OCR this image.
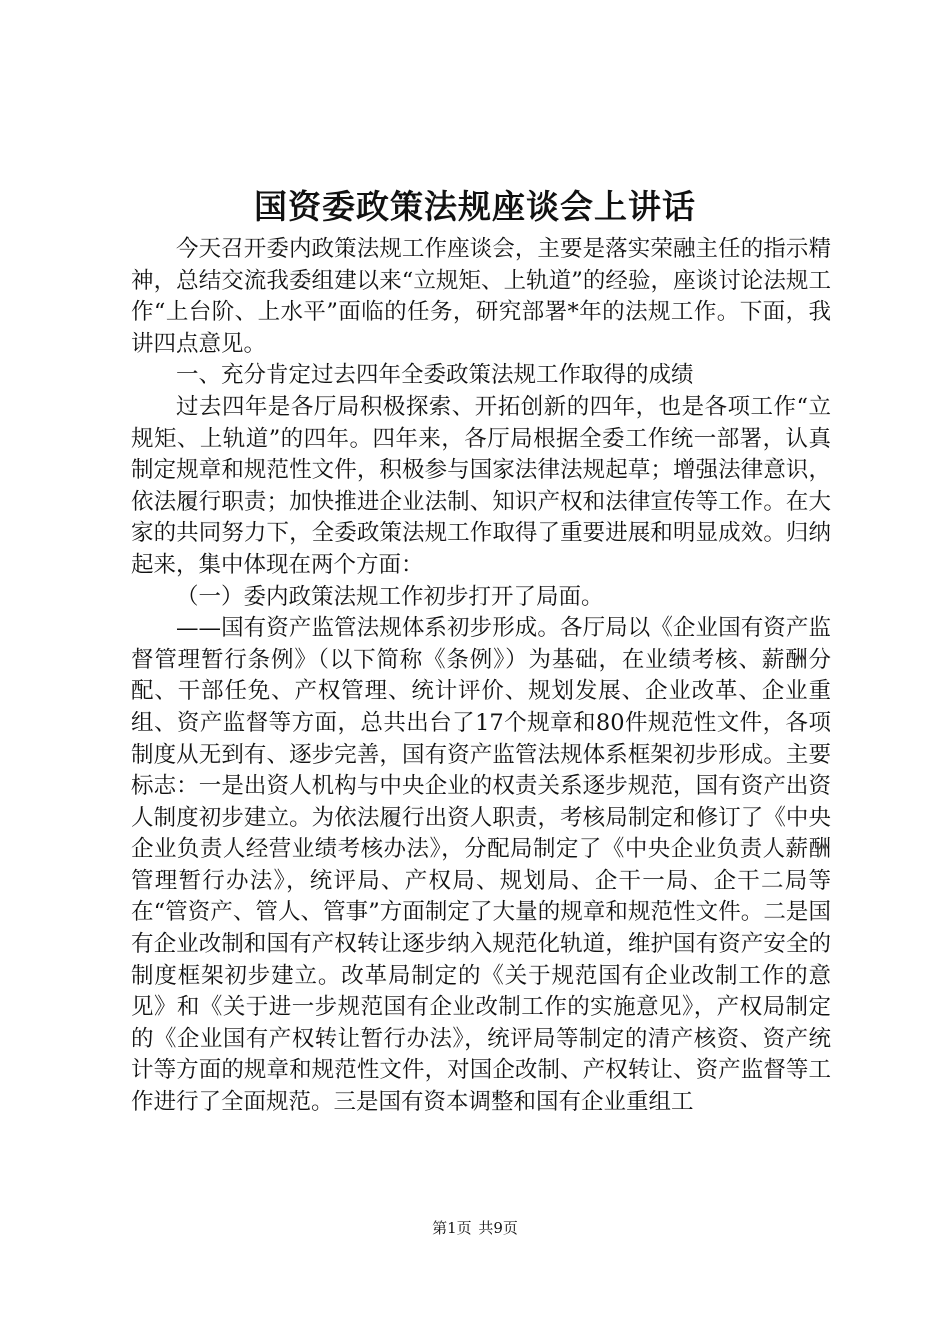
国资委政策法规座谈会上讲话

今天召开委内政策法规工作座谈会，主要是落实荣融主任的指示精神，总结交流我委组建以来“立规矩、上轨道”的经验，座谈讨论法规工作“上台阶、上水平”面临的任务，研究部署*年的法规工作。下面，我讲四点意见。

一、充分肯定过去四年全委政策法规工作取得的成绩

过去四年是各厅局积极探索、开拓创新的四年，也是各项工作“立规矩、上轨道”的四年。四年来，各厅局根据全委工作统一部署，认真制定规章和规范性文件，积极参与国家法律法规起草；增强法律意识，依法履行职责；加快推进企业法制、知识产权和法律宣传等工作。在大家的共同努力下，全委政策法规工作取得了重要进展和明显成效。归纳起来，集中体现在两个方面：

（一）委内政策法规工作初步打开了局面。

——国有资产监管法规体系初步形成。各厅局以《企业国有资产监督管理暂行条例》（以下简称《条例》）为基础，在业绩考核、薪酬分配、干部任免、产权管理、统计评价、规划发展、企业改革、企业重组、资产监督等方面，总共出台了17个规章和80件规范性文件，各项制度从无到有、逐步完善，国有资产监管法规体系框架初步形成。主要标志：一是出资人机构与中央企业的权责关系逐步规范，国有资产出资人制度初步建立。为依法履行出资人职责，考核局制定和修订了《中央企业负责人经营业绩考核办法》，分配局制定了《中央企业负责人薪酬管理暂行办法》，统评局、产权局、规划局、企干一局、企干二局等在“管资产、管人、管事”方面制定了大量的规章和规范性文件。二是国有企业改制和国有产权转让逐步纳入规范化轨道，维护国有资产安全的制度框架初步建立。改革局制定的《关于规范国有企业改制工作的意见》和《关于进一步规范国有企业改制工作的实施意见》，产权局制定的《企业国有产权转让暂行办法》，统评局等制定的清产核资、资产统计等方面的规章和规范性文件，对国企改制、产权转让、资产监督等工作进行了全面规范。三是国有资本调整和国有企业重组工

第1页 共9页
